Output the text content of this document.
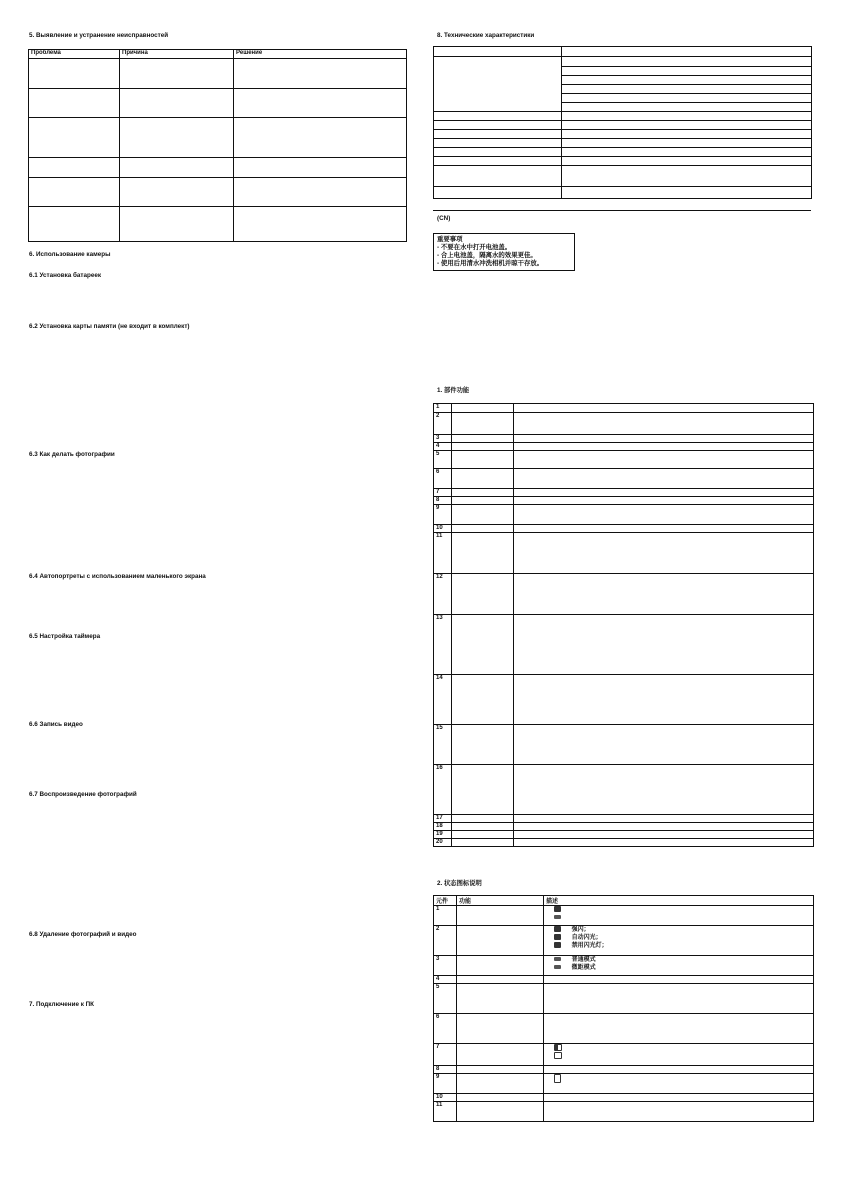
5. Выявление и устранение неисправностей
Проблема	Причина	Решение

6. Использование камеры
6.1 Установка батареек
6.2 Установка карты памяти (не входит в комплект)
6.3 Как делать фотографии
6.4 Автопортреты с использованием маленького экрана
6.5 Настройка таймера
6.6 Запись видео
6.7 Воспроизведение фотографий
6.8 Удаление фотографий и видео
7. Подключение к ПК
8. Технические характеристики

(CN)
重要事项
- 不要在水中打开电池盖。
- 合上电池盖，隔离水的效果更佳。
- 使用后用清水冲洗相机并晾干存放。
1. 部件功能
1		
2		
3		
4		
5		
6		
7		
8		
9		
10		
11		
12		
13		
14		
15		
16		
17		
18		
19		
20		
2. 状态图标说明
元件	功能	描述
1		

2		强闪；
自动闪光；
禁用闪光灯；

3		普通模式
微距模式

4		
5		
6		
7		

8		
9		

10		
11		
